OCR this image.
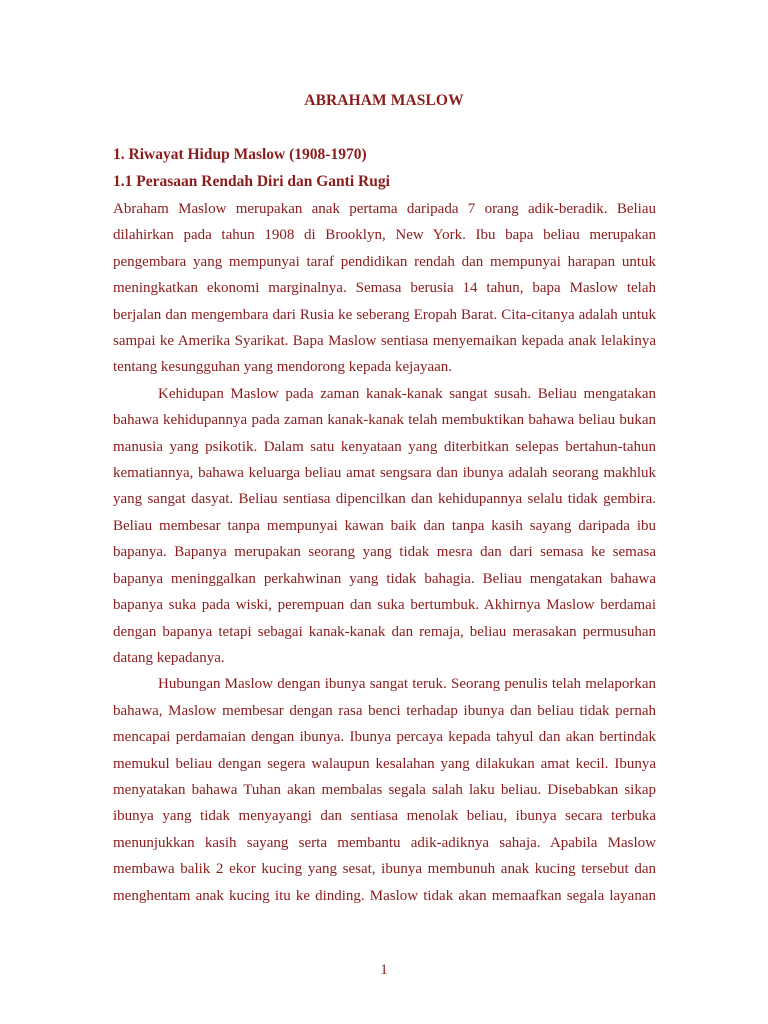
ABRAHAM MASLOW
1. Riwayat Hidup Maslow (1908-1970)
1.1 Perasaan Rendah Diri dan Ganti Rugi

Abraham Maslow merupakan anak pertama daripada 7 orang adik-beradik. Beliau dilahirkan pada tahun 1908 di Brooklyn, New York. Ibu bapa beliau merupakan pengembara yang mempunyai taraf pendidikan rendah dan mempunyai harapan untuk meningkatkan ekonomi marginalnya. Semasa berusia 14 tahun, bapa Maslow telah berjalan dan mengembara dari Rusia ke seberang Eropah Barat. Cita-citanya adalah untuk sampai ke Amerika Syarikat. Bapa Maslow sentiasa menyemaikan kepada anak lelakinya tentang kesungguhan yang mendorong kepada kejayaan.

Kehidupan Maslow pada zaman kanak-kanak sangat susah. Beliau mengatakan bahawa kehidupannya pada zaman kanak-kanak telah membuktikan bahawa beliau bukan manusia yang psikotik. Dalam satu kenyataan yang diterbitkan selepas bertahun-tahun kematiannya, bahawa keluarga beliau amat sengsara dan ibunya adalah seorang makhluk yang sangat dasyat. Beliau sentiasa dipencilkan dan kehidupannya selalu tidak gembira. Beliau membesar tanpa mempunyai kawan baik dan tanpa kasih sayang daripada ibu bapanya. Bapanya merupakan seorang yang tidak mesra dan dari semasa ke semasa bapanya meninggalkan perkahwinan yang tidak bahagia. Beliau mengatakan bahawa bapanya suka pada wiski, perempuan dan suka bertumbuk. Akhirnya Maslow berdamai dengan bapanya tetapi sebagai kanak-kanak dan remaja, beliau merasakan permusuhan datang kepadanya.

Hubungan Maslow dengan ibunya sangat teruk. Seorang penulis telah melaporkan bahawa, Maslow membesar dengan rasa benci terhadap ibunya dan beliau tidak pernah mencapai perdamaian dengan ibunya. Ibunya percaya kepada tahyul dan akan bertindak memukul beliau dengan segera walaupun kesalahan yang dilakukan amat kecil. Ibunya menyatakan bahawa Tuhan akan membalas segala salah laku beliau. Disebabkan sikap ibunya yang tidak menyayangi dan sentiasa menolak beliau, ibunya secara terbuka menunjukkan kasih sayang serta membantu adik-adiknya sahaja. Apabila Maslow membawa balik 2 ekor kucing yang sesat, ibunya membunuh anak kucing tersebut dan menghentam anak kucing itu ke dinding. Maslow tidak akan memaafkan segala layanan

1
